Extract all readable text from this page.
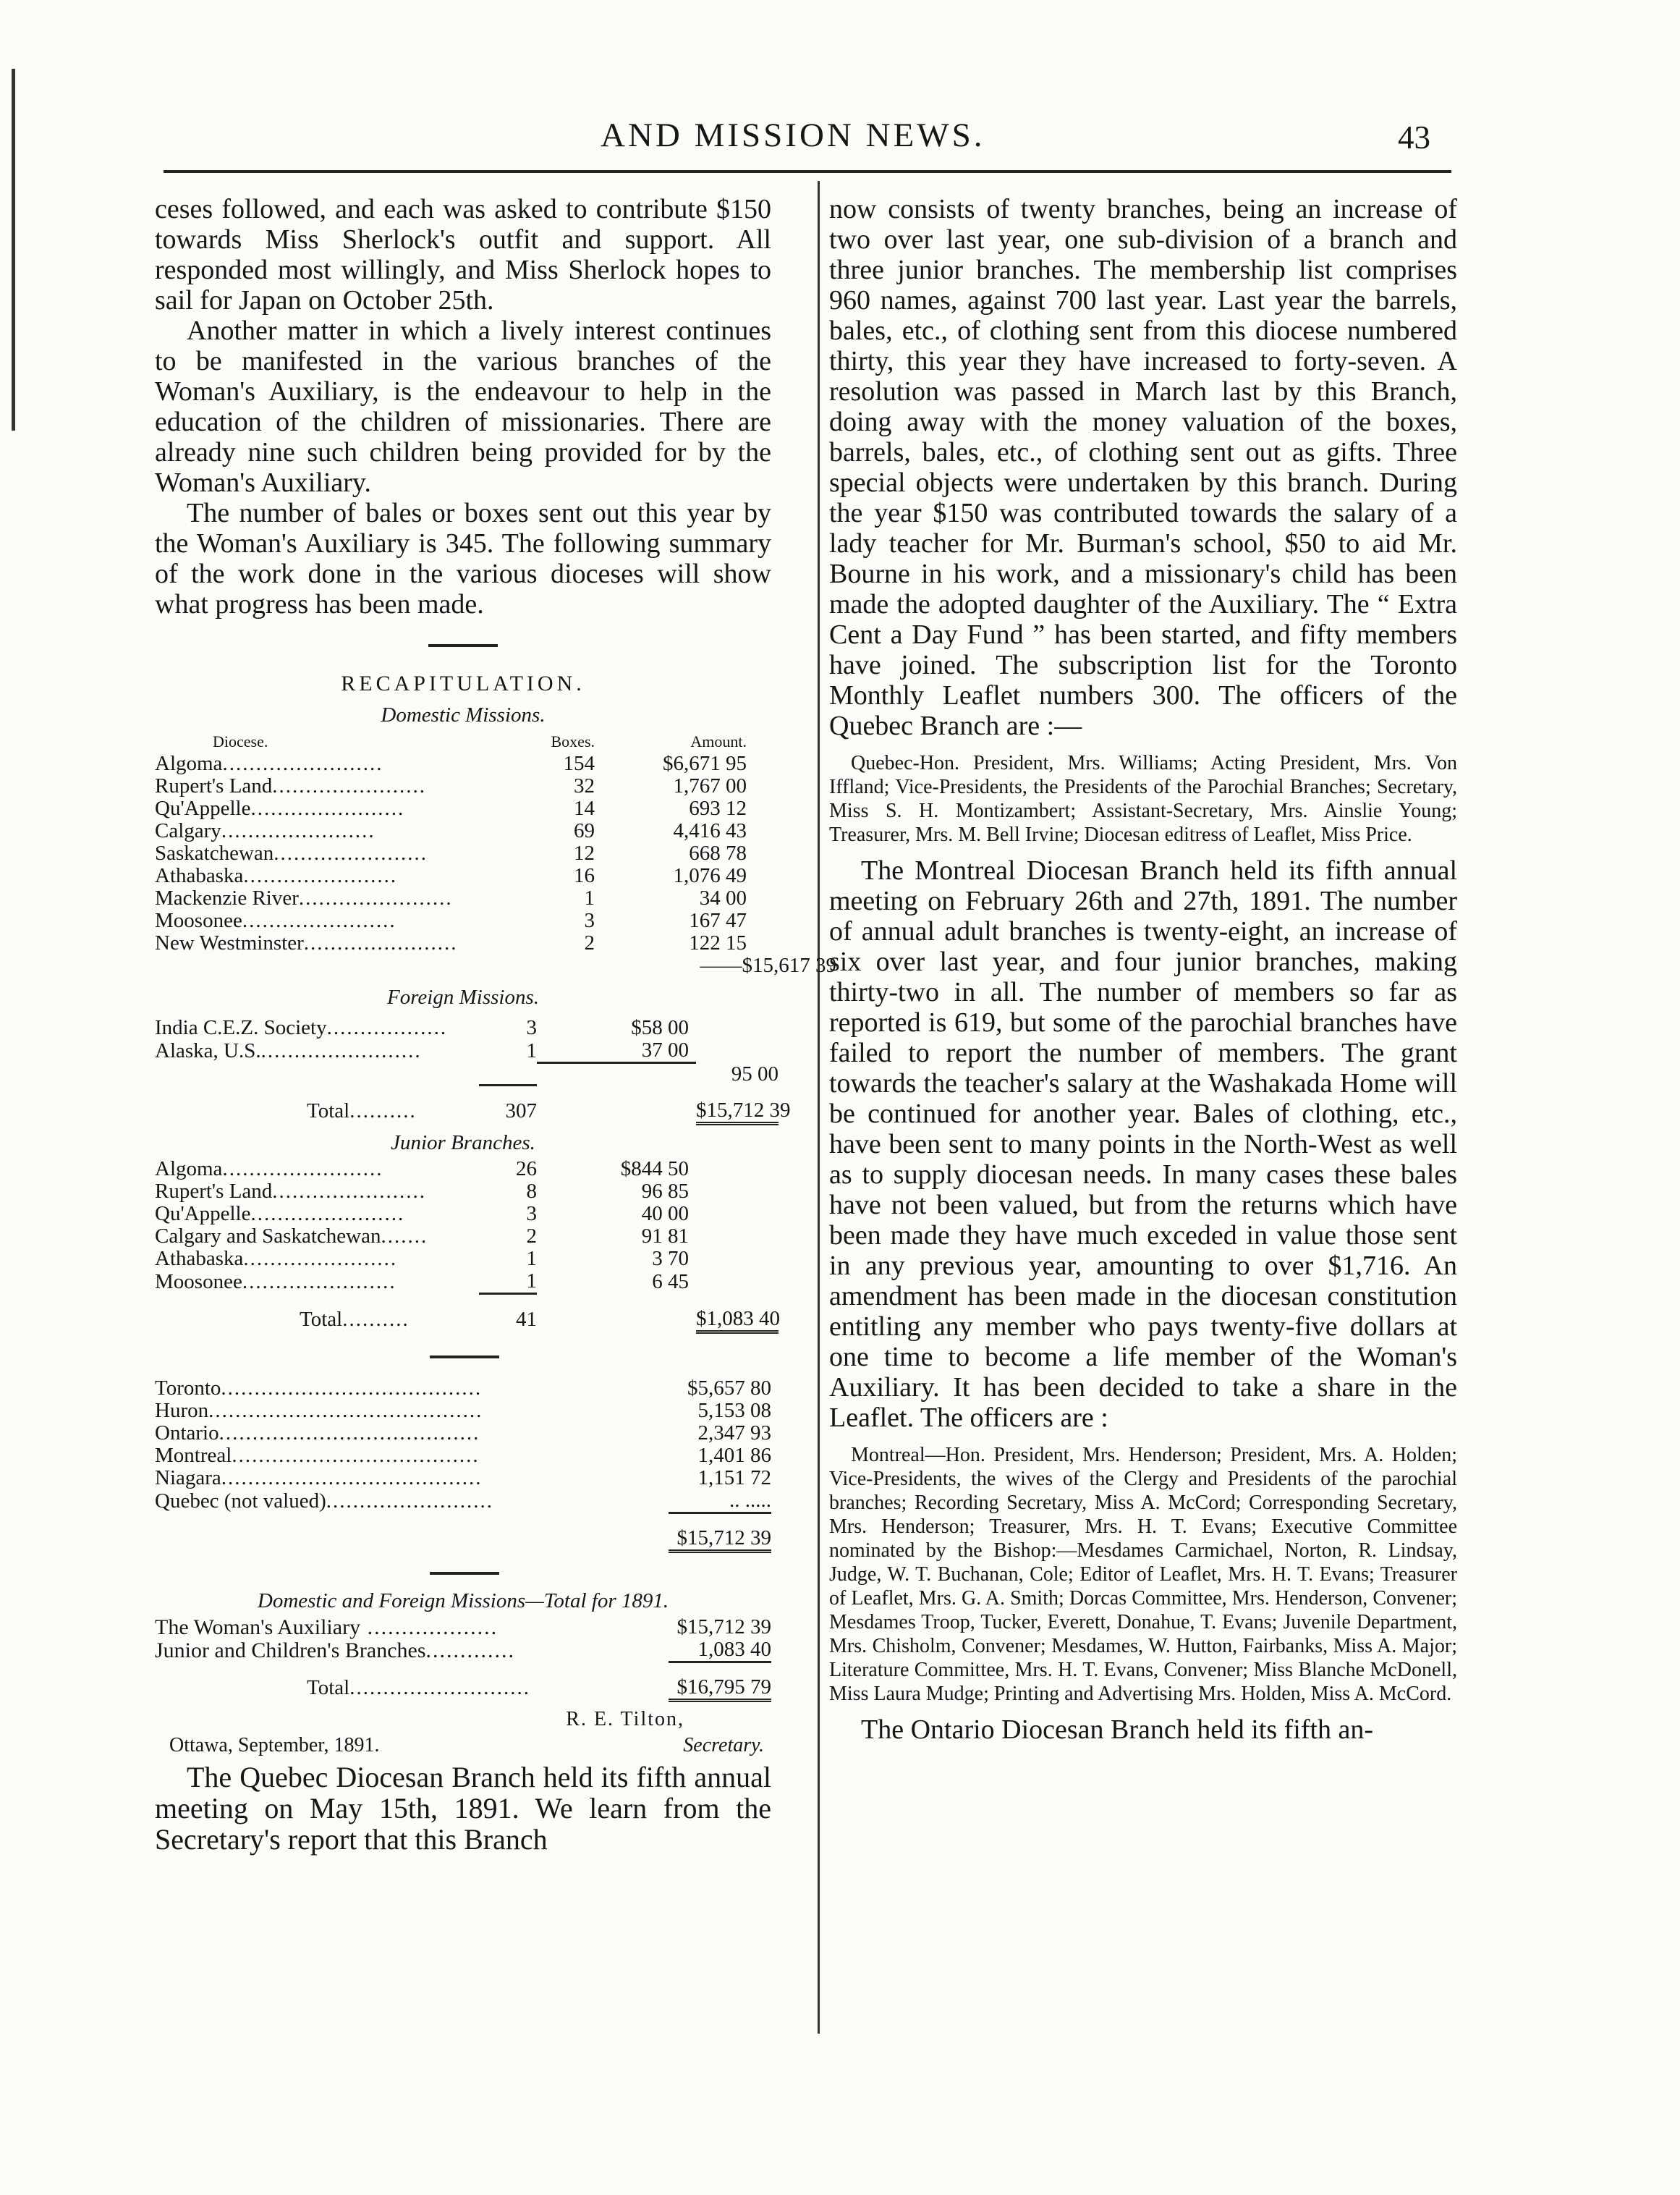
AND MISSION NEWS.	43

ceses followed, and each was asked to contribute $150 towards Miss Sherlock's outfit and support. All responded most willingly, and Miss Sherlock hopes to sail for Japan on October 25th.

Another matter in which a lively interest continues to be manifested in the various branches of the Woman's Auxiliary, is the endeavour to help in the education of the children of missionaries. There are already nine such children being provided for by the Woman's Auxiliary.

The number of bales or boxes sent out this year by the Woman's Auxiliary is 345. The following summary of the work done in the various dioceses will show what progress has been made.

RECAPITULATION.
Domestic Missions.
Diocese.	Boxes.	Amount.	
Algoma........................	154	$6,671 95	
Rupert's Land.......................	32	1,767 00	
Qu'Appelle.......................	14	693 12	
Calgary.......................	69	4,416 43	
Saskatchewan.......................	12	668 78	
Athabaska.......................	16	1,076 49	
Mackenzie River.......................	1	34 00	
Moosonee.......................	3	167 47	
New Westminster.......................	2	122 15	
		——$15,617 39	
Foreign Missions.
India C.E.Z. Society..................	3	$58 00	
Alaska, U.S.........................	1	37 00	
			95 00

Total..........	307		$15,712 39
Junior Branches.
Algoma........................	26	$844 50	
Rupert's Land.......................	8	96 85	
Qu'Appelle.......................	3	40 00	
Calgary and Saskatchewan.......	2	91 81	
Athabaska.......................	1	3 70	
Moosonee.......................	1	6 45	

Total..........	41		$1,083 40
Toronto.......................................	$5,657 80
Huron.........................................	5,153 08
Ontario.......................................	2,347 93
Montreal.....................................	1,401 86
Niagara.......................................	1,151 72
Quebec (not valued).........................	.. .....

	$15,712 39
Domestic and Foreign Missions—Total for 1891.
The Woman's Auxiliary ...................	$15,712 39
Junior and Children's Branches.............	1,083 40

Total...........................	$16,795 79
R. E. Tilton,
Ottawa, September, 1891.	Secretary.

The Quebec Diocesan Branch held its fifth annual meeting on May 15th, 1891. We learn from the Secretary's report that this Branch

now consists of twenty branches, being an increase of two over last year, one sub-division of a branch and three junior branches. The membership list comprises 960 names, against 700 last year. Last year the barrels, bales, etc., of clothing sent from this diocese numbered thirty, this year they have increased to forty-seven. A resolution was passed in March last by this Branch, doing away with the money valuation of the boxes, barrels, bales, etc., of clothing sent out as gifts. Three special objects were undertaken by this branch. During the year $150 was contributed towards the salary of a lady teacher for Mr. Burman's school, $50 to aid Mr. Bourne in his work, and a missionary's child has been made the adopted daughter of the Auxiliary. The “ Extra Cent a Day Fund ” has been started, and fifty members have joined. The subscription list for the Toronto Monthly Leaflet numbers 300. The officers of the Quebec Branch are :—

Quebec-Hon. President, Mrs. Williams; Acting President, Mrs. Von Iffland; Vice-Presidents, the Presidents of the Parochial Branches; Secretary, Miss S. H. Montizambert; Assistant-Secretary, Mrs. Ainslie Young; Treasurer, Mrs. M. Bell Irvine; Diocesan editress of Leaflet, Miss Price.

The Montreal Diocesan Branch held its fifth annual meeting on February 26th and 27th, 1891. The number of annual adult branches is twenty-eight, an increase of six over last year, and four junior branches, making thirty-two in all. The number of members so far as reported is 619, but some of the parochial branches have failed to report the number of members. The grant towards the teacher's salary at the Washakada Home will be continued for another year. Bales of clothing, etc., have been sent to many points in the North-West as well as to supply diocesan needs. In many cases these bales have not been valued, but from the returns which have been made they have much exceded in value those sent in any previous year, amounting to over $1,716. An amendment has been made in the diocesan constitution entitling any member who pays twenty-five dollars at one time to become a life member of the Woman's Auxiliary. It has been decided to take a share in the Leaflet. The officers are :

Montreal—Hon. President, Mrs. Henderson; President, Mrs. A. Holden; Vice-Presidents, the wives of the Clergy and Presidents of the parochial branches; Recording Secretary, Miss A. McCord; Corresponding Secretary, Mrs. Henderson; Treasurer, Mrs. H. T. Evans; Executive Committee nominated by the Bishop:—Mesdames Carmichael, Norton, R. Lindsay, Judge, W. T. Buchanan, Cole; Editor of Leaflet, Mrs. H. T. Evans; Treasurer of Leaflet, Mrs. G. A. Smith; Dorcas Committee, Mrs. Henderson, Convener; Mesdames Troop, Tucker, Everett, Donahue, T. Evans; Juvenile Department, Mrs. Chisholm, Convener; Mesdames, W. Hutton, Fairbanks, Miss A. Major; Literature Committee, Mrs. H. T. Evans, Convener; Miss Blanche McDonell, Miss Laura Mudge; Printing and Advertising Mrs. Holden, Miss A. McCord.

The Ontario Diocesan Branch held its fifth an-
